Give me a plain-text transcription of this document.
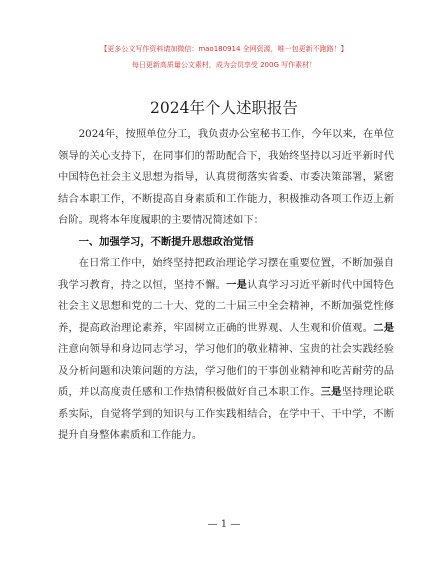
【更多公文写作资料请加微信：mao180914 全网资源，唯一包更新不跑路！】
每日更新高质量公文素材，成为会员享受 200G 写作素材！
2024年个人述职报告

2024年，按照单位分工，我负责办公室秘书工作，今年以来，在单位领导的关心支持下，在同事们的帮助配合下，我始终坚持以习近平新时代中国特色社会主义思想为指导，认真贯彻落实省委、市委决策部署，紧密结合本职工作，不断提高自身素质和工作能力，积极推动各项工作迈上新台阶。现将本年度履职的主要情况简述如下：

一、加强学习，不断提升思想政治觉悟

在日常工作中，始终坚持把政治理论学习摆在重要位置，不断加强自我学习教育，持之以恒，坚持不懈。一是认真学习习近平新时代中国特色社会主义思想和党的二十大、党的二十届三中全会精神，不断加强党性修养，提高政治理论素养，牢固树立正确的世界观、人生观和价值观。二是注意向领导和身边同志学习，学习他们的敬业精神、宝贵的社会实践经验及分析问题和决策问题的方法，学习他们的干事创业精神和吃苦耐劳的品质，并以高度责任感和工作热情积极做好自己本职工作。三是坚持理论联系实际，自觉将学到的知识与工作实践相结合，在学中干、干中学，不断提升自身整体素质和工作能力。

— 1 —
